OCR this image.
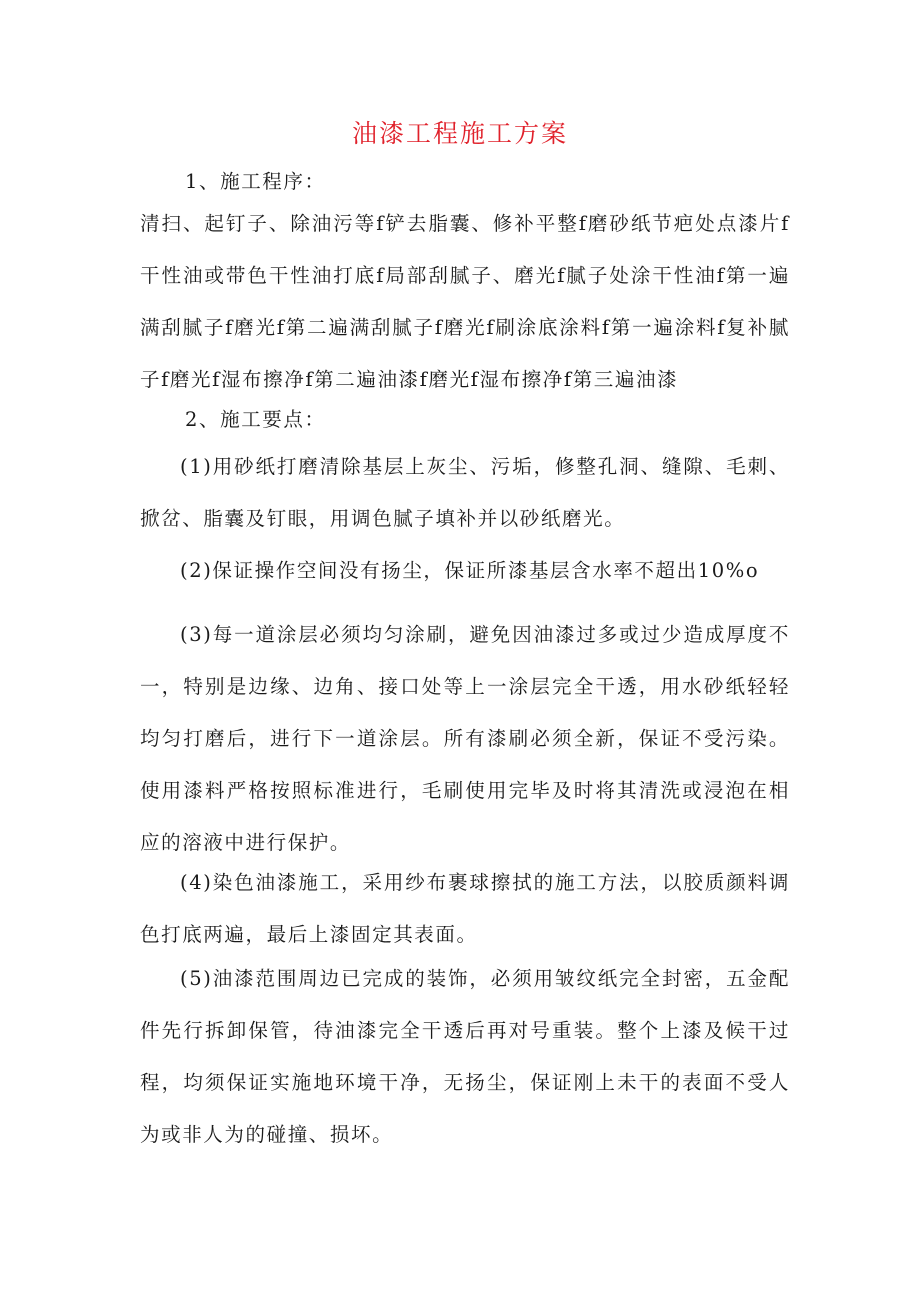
油漆工程施工方案

1、施工程序：

清扫、起钉子、除油污等f铲去脂囊、修补平整f磨砂纸节疤处点漆片f干性油或带色干性油打底f局部刮腻子、磨光f腻子处涂干性油f第一遍满刮腻子f磨光f第二遍满刮腻子f磨光f刷涂底涂料f第一遍涂料f复补腻子f磨光f湿布擦净f第二遍油漆f磨光f湿布擦净f第三遍油漆

2、施工要点：

(1)用砂纸打磨清除基层上灰尘、污垢，修整孔洞、缝隙、毛刺、掀岔、脂囊及钉眼，用调色腻子填补并以砂纸磨光。

(2)保证操作空间没有扬尘，保证所漆基层含水率不超出10%o

(3)每一道涂层必须均匀涂刷，避免因油漆过多或过少造成厚度不一，特别是边缘、边角、接口处等上一涂层完全干透，用水砂纸轻轻均匀打磨后，进行下一道涂层。所有漆刷必须全新，保证不受污染。使用漆料严格按照标准进行，毛刷使用完毕及时将其清洗或浸泡在相应的溶液中进行保护。

(4)染色油漆施工，采用纱布裹球擦拭的施工方法，以胶质颜料调色打底两遍，最后上漆固定其表面。

(5)油漆范围周边已完成的装饰，必须用皱纹纸完全封密，五金配件先行拆卸保管，待油漆完全干透后再对号重装。整个上漆及候干过程，均须保证实施地环境干净，无扬尘，保证刚上未干的表面不受人为或非人为的碰撞、损坏。
